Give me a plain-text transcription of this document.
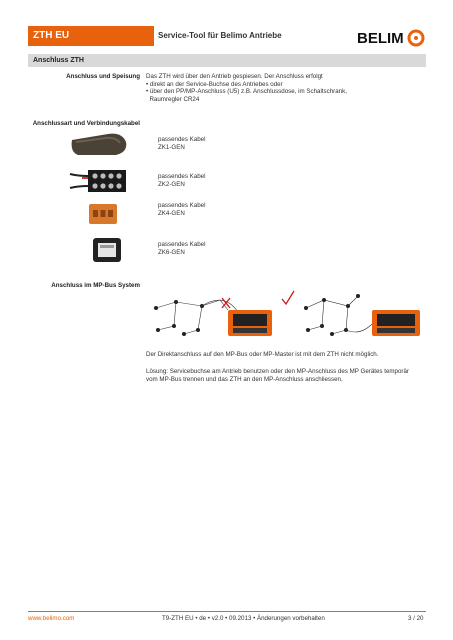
ZTH EU	Service-Tool für Belimo Antriebe	BELIM
Anschluss ZTH
Anschluss und Speisung Das ZTH wird über den Antrieb gespiesen. Der Anschluss erfolgt
• direkt an der Service-Buchse des Antriebes oder
• über den PP/MP-Anschluss (U5) z.B. Anschlussdose, im Schaltschrank,
Raumregler CR24
Anschlussart und Verbindungskabel
passendes Kabel
ZK1-GEN
passendes Kabel
ZK2-GEN
passendes Kabel
ZK4-GEN
passendes Kabel
ZK6-GEN
Anschluss im MP-Bus System
Der Direktanschluss auf den MP-Bus oder MP-Master ist mit dem ZTH nicht möglich.
Lösung: Servicebuchse am Antrieb benutzen oder den MP-Anschluss des MP Gerätes temporär
vom MP-Bus trennen und das ZTH an den MP-Anschluss anschliessen.
www.belimo.com	T9-ZTH EU • de • v2.0 • 09.2013 • Änderungen vorbehalten	3 / 20
